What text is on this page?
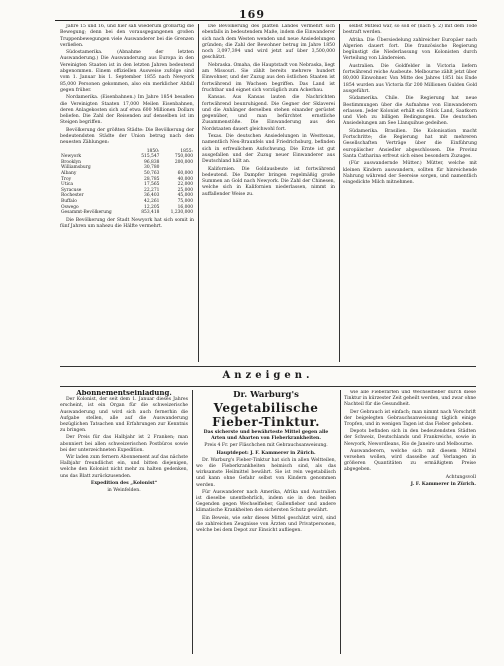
169

Jahre 15 und 16, und hier sah wiederum großartig die Bewegung; denn bei den vorausgegangenen großen Truppenbewegungen viele Auswanderer bei die Grenzen verließen.

Südostamerika. (Abnahme der letzten Auswanderung.) Die Auswanderung aus Europa in den Vereinigten Staaten ist in den letzten Jahren bedeutend abgenommen. Einem offiziellen Ausweise zufolge sind vom 1. Januar bis 1. September 1855 nach Newyork 85,000 Personen gekommen, also ein merklicher Abfall gegen früher.

Nordamerika. (Eisenbahnen.) Im Jahre 1854 besaßen die Vereinigten Staaten 17,000 Meilen Eisenbahnen, deren Anlagekosten sich auf etwa 600 Millionen Dollars beliefen. Die Zahl der Reisenden auf denselben ist im Steigen begriffen.

Bevölkerung der größten Städte: Die Bevölkerung der bedeutendsten Städte der Union betrug nach den neuesten Zählungen:

	1850:	1855:
Newyork	515,547	750,000
Brooklyn	96,838	200,000
Williamsburg	30,780	
Albany	50,763	60,000
Troy	28,785	40,000
Utica	17,565	22,000
Syracuse	22,271	25,000
Rochester	36,403	45,000
Buffalo	42,261	75,000
Oswego	12,205	16,000
Gesammt-Bevölkerung	853,418	1,230,000

Die Bevölkerung der Stadt Newyork hat sich somit in fünf Jahren um nahezu die Hälfte vermehrt.

Die Bevölkerung des platten Landes vermehrt sich ebenfalls in bedeutendem Maße, indem die Einwanderer sich nach dem Westen wenden und neue Ansiedelungen gründen; die Zahl der Bewohner betrug im Jahre 1850 noch 3,097,394 und wird jetzt auf über 3,500,000 geschätzt.

Nebraska. Omaha, die Hauptstadt von Nebraska, liegt am Missouri. Sie zählt bereits mehrere hundert Einwohner, und der Zuzug aus den östlichen Staaten ist fortwährend im Wachsen begriffen. Das Land ist fruchtbar und eignet sich vorzüglich zum Ackerbau.

Kansas. Aus Kansas lauten die Nachrichten fortwährend beunruhigend. Die Gegner der Sklaverei und die Anhänger derselben stehen einander gerüstet gegenüber, und man befürchtet ernstliche Zusammenstöße. Die Einwanderung aus den Nordstaaten dauert gleichwohl fort.

Texas. Die deutschen Ansiedelungen in Westtexas, namentlich Neu-Braunfels und Friedrichsburg, befinden sich in erfreulichem Aufschwung. Die Ernte ist gut ausgefallen und der Zuzug neuer Einwanderer aus Deutschland hält an.

Kalifornien. Die Goldausbeute ist fortwährend bedeutend. Die Dampfer bringen regelmäßig große Summen an Gold nach Newyork. Die Zahl der Chinesen, welche sich in Kalifornien niederlassen, nimmt in auffallender Weise zu.

selbst Mitleid war, so soll er (nach §. 2) mit dem Tode bestraft werden.

Afrika. Die Übersiedelung zahlreicher Europäer nach Algerien dauert fort. Die französische Regierung begünstigt die Niederlassung von Kolonisten durch Verteilung von Ländereien.

Australien. Die Goldfelder in Victoria liefern fortwährend reiche Ausbeute. Melbourne zählt jetzt über 80,000 Einwohner. Von Mitte des Jahres 1851 bis Ende 1854 wurden aus Victoria für 200 Millionen Gulden Gold ausgeführt.

Südamerika. Chile. Die Regierung hat neue Bestimmungen über die Aufnahme von Einwanderern erlassen. Jeder Kolonist erhält ein Stück Land, Saatkorn und Vieh zu billigen Bedingungen. Die deutschen Ansiedelungen am See Llanquihue gedeihen.

Südamerika. Brasilien. Die Kolonisation macht Fortschritte; die Regierung hat mit mehreren Gesellschaften Verträge über die Einführung europäischer Ansiedler abgeschlossen. Die Provinz Santa Catharina erfreut sich eines besondern Zuzuges.

(Für auswandernde Mütter.) Mütter, welche mit kleinen Kindern auswandern, sollten für hinreichende Nahrung während der Seereise sorgen, und namentlich eingedickte Milch mitnehmen.

Anzeigen.

Abonnementseinladung.

Der Kolonist, der seit dem 1. Januar dieses Jahres erscheint, ist ein Organ für die schweizerische Auswanderung und wird sich auch fernerhin die Aufgabe stellen, alle auf die Auswanderung bezüglichen Tatsachen und Erfahrungen zur Kenntnis zu bringen.

Der Preis für das Halbjahr ist 2 Franken; man abonniert bei allen schweizerischen Postbüros sowie bei der unterzeichneten Expedition.

Wir laden zum fernern Abonnement auf das nächste Halbjahr freundlichst ein, und bitten diejenigen, welche den Kolonist nicht mehr zu halten gedenken, uns das Blatt zurückzusenden.

Expedition des „Kolonist“

in Weinfelden.

Dr. Warburg's

Vegetabilische Fieber-Tinktur.

Das sicherste und bewährteste Mittel gegen alle Arten und Abarten von Fieberkrankheiten.

Preis 4 Fr. per Fläschchen mit Gebrauchsanweisung.

Hauptdepot: J. F. Kammerer in Zürich.

Dr. Warburg's Fieber-Tinktur hat sich in allen Weltteilen, wo die Fieberkrankheiten heimisch sind, als das wirksamste Heilmittel bewährt. Sie ist rein vegetabilisch und kann ohne Gefahr selbst von Kindern genommen werden.

Für Auswanderer nach Amerika, Afrika und Australien ist dieselbe unentbehrlich, indem sie in den heißen Gegenden gegen Wechselfieber, Gallenfieber und andere klimatische Krankheiten den sichersten Schutz gewährt.

Ein Beweis, wie sehr dieses Mittel geschätzt wird, sind die zahlreichen Zeugnisse von Ärzten und Privatpersonen, welche bei dem Depot zur Einsicht aufliegen.

wie alle Fieberarten und Wechselfieber durch diese Tinktur in kürzester Zeit geheilt werden, und zwar ohne Nachteil für die Gesundheit.

Der Gebrauch ist einfach; man nimmt nach Vorschrift der beigelegten Gebrauchsanweisung täglich einige Tropfen, und in wenigen Tagen ist das Fieber gehoben.

Depots befinden sich in den bedeutendsten Städten der Schweiz, Deutschlands und Frankreichs, sowie in Newyork, Newordleans, Rio de Janeiro und Melbourne.

Auswanderern, welche sich mit diesem Mittel versehen wollen, wird dasselbe auf Verlangen in größeren Quantitäten zu ermäßigtem Preise abgegeben.

Achtungsvoll

J. F. Kammerer in Zürich.
